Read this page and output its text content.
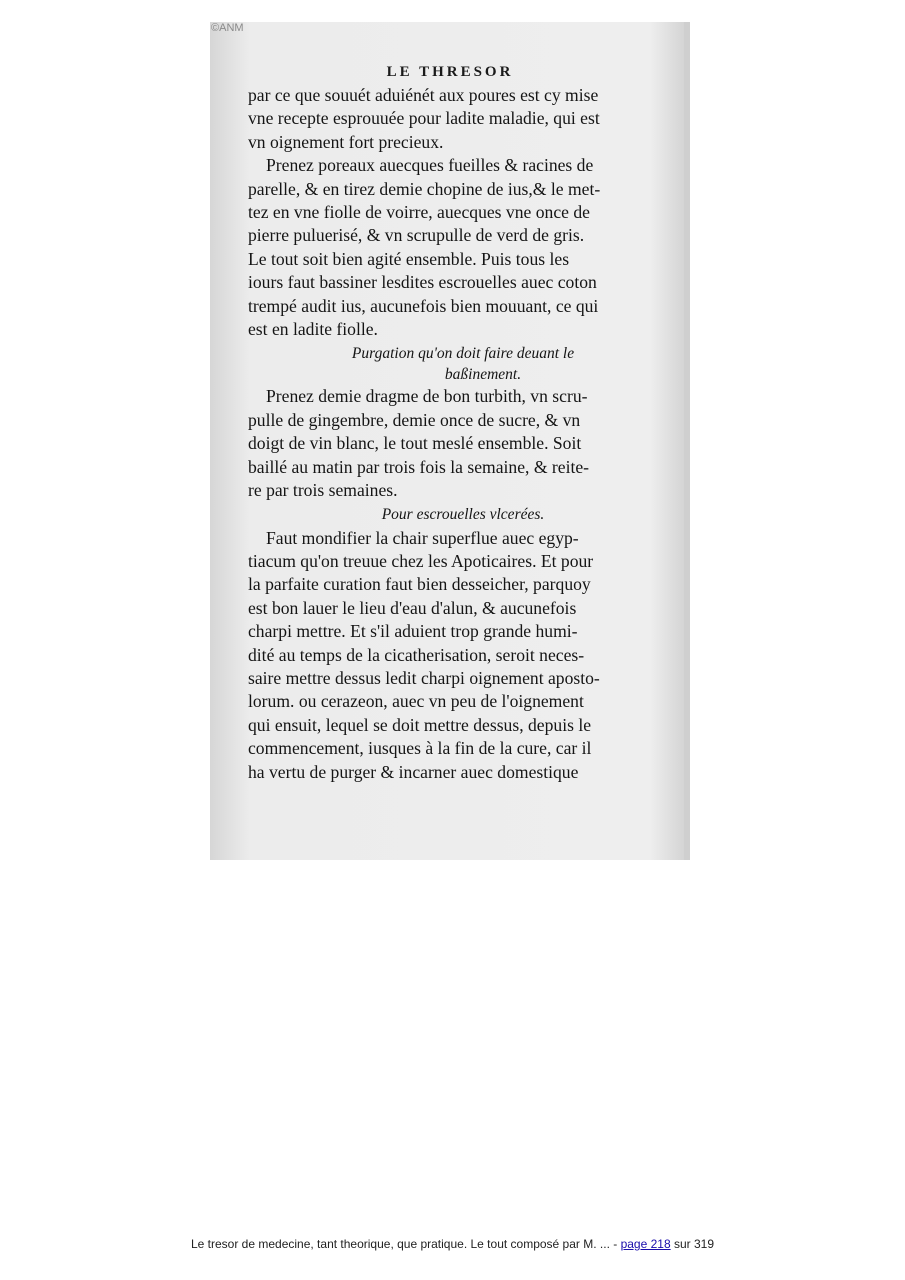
LE THRESOR
par ce que souuét aduiénét aux poures est cy mise
vne recepte esprouuée pour ladite maladie, qui est
vn oignement fort precieux.
Prenez poreaux auecques fueilles & racines de
parelle, & en tirez demie chopine de ius,& le met-
tez en vne fiolle de voirre, auecques vne once de
pierre puluerisé, & vn scrupulle de verd de gris.
Le tout soit bien agité ensemble. Puis tous les
iours faut bassiner lesdites escrouelles auec coton
trempé audit ius, aucunefois bien mouuant, ce qui
est en ladite fiolle.
Purgation qu'on doit faire deuant le
baßinement.
Prenez demie dragme de bon turbith, vn scru-
pulle de gingembre, demie once de sucre, & vn
doigt de vin blanc, le tout meslé ensemble. Soit
baillé au matin par trois fois la semaine, & reite-
re par trois semaines.
Pour escrouelles vlcerées.
Faut mondifier la chair superflue auec egyp-
tiacum qu'on treuue chez les Apoticaires. Et pour
la parfaite curation faut bien desseicher, parquoy
est bon lauer le lieu d'eau d'alun, & aucunefois
charpi mettre. Et s'il aduient trop grande humi-
dité au temps de la cicatherisation, seroit neces-
saire mettre dessus ledit charpi oignement aposto-
lorum. ou cerazeon, auec vn peu de l'oignement
qui ensuit, lequel se doit mettre dessus, depuis le
commencement, iusques à la fin de la cure, car il
ha vertu de purger & incarner auec domestique
©ANM
Le tresor de medecine, tant theorique, que pratique. Le tout composé par M. ... - page 218 sur 319
